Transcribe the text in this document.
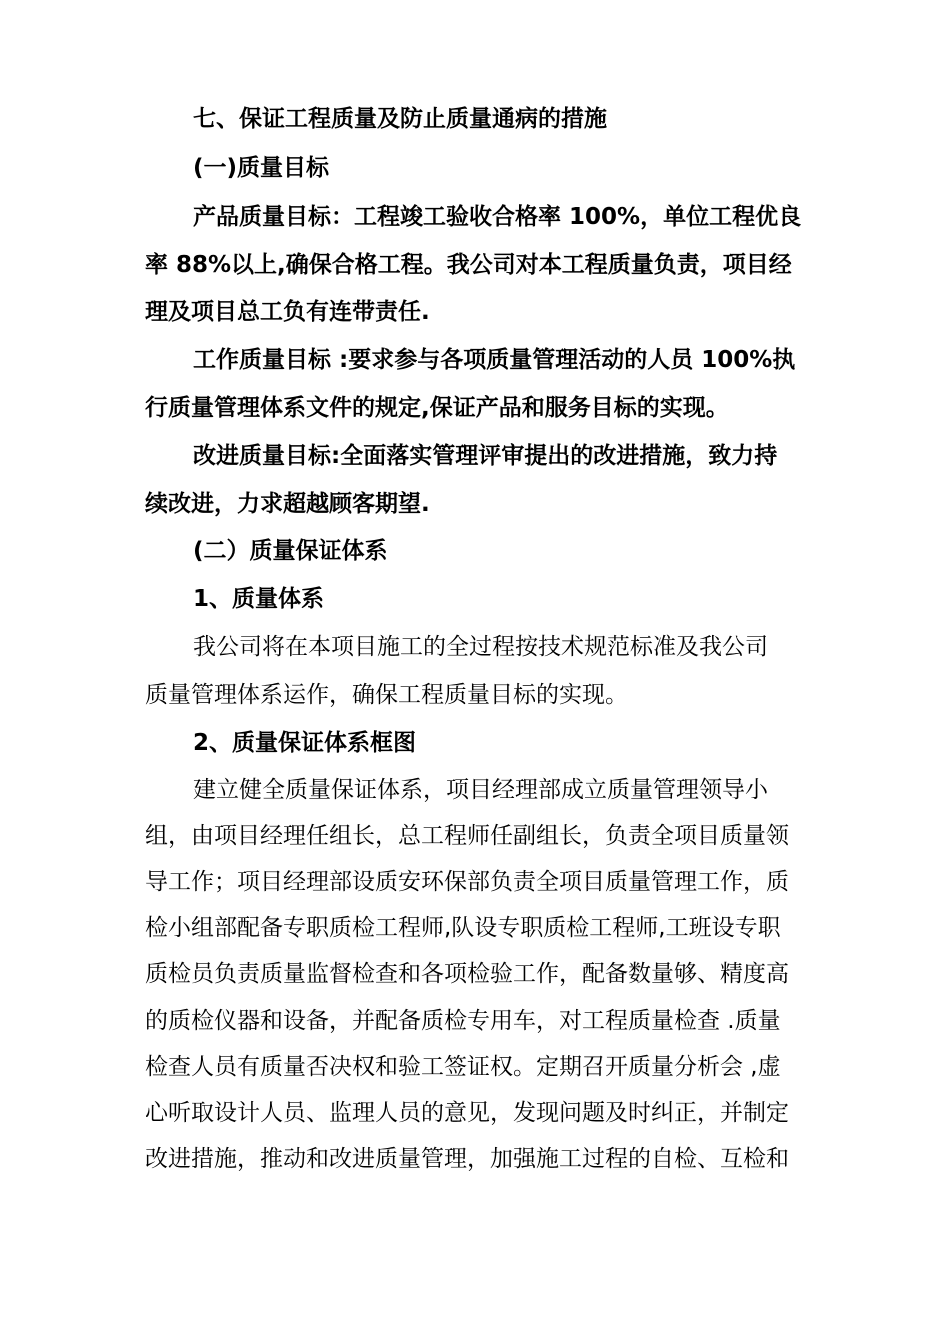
七、保证工程质量及防止质量通病的措施
(一)质量目标
产品质量目标：工程竣工验收合格率 100%，单位工程优良
率 88%以上,确保合格工程。我公司对本工程质量负责，项目经
理及项目总工负有连带责任.
工作质量目标 :要求参与各项质量管理活动的人员 100%执
行质量管理体系文件的规定,保证产品和服务目标的实现。
改进质量目标:全面落实管理评审提出的改进措施，致力持
续改进，力求超越顾客期望.
(二）质量保证体系
1、质量体系
我公司将在本项目施工的全过程按技术规范标准及我公司
质量管理体系运作，确保工程质量目标的实现。
2、质量保证体系框图
建立健全质量保证体系，项目经理部成立质量管理领导小
组，由项目经理任组长，总工程师任副组长，负责全项目质量领
导工作；项目经理部设质安环保部负责全项目质量管理工作，质
检小组部配备专职质检工程师,队设专职质检工程师,工班设专职
质检员负责质量监督检查和各项检验工作，配备数量够、精度高
的质检仪器和设备，并配备质检专用车，对工程质量检查 .质量
检查人员有质量否决权和验工签证权。定期召开质量分析会 ,虚
心听取设计人员、监理人员的意见，发现问题及时纠正，并制定
改进措施，推动和改进质量管理，加强施工过程的自检、互检和
